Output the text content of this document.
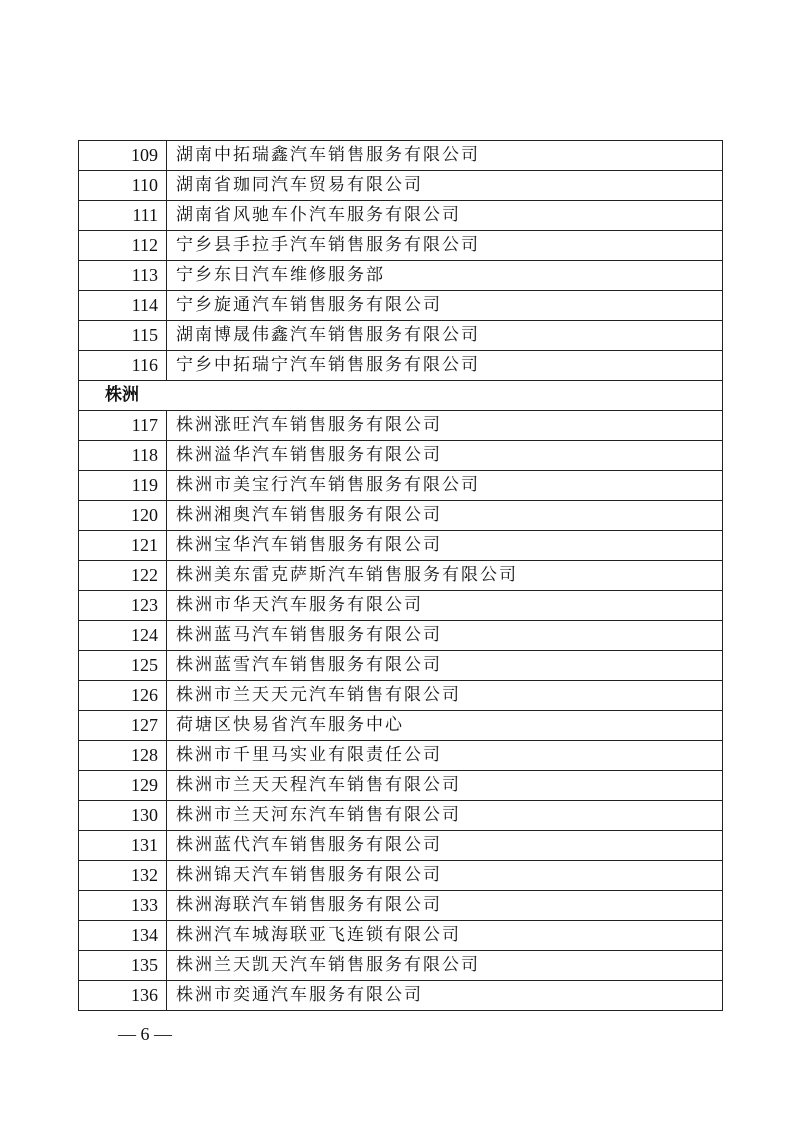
109	湖南中拓瑞鑫汽车销售服务有限公司
110	湖南省珈同汽车贸易有限公司
111	湖南省风驰车仆汽车服务有限公司
112	宁乡县手拉手汽车销售服务有限公司
113	宁乡东日汽车维修服务部
114	宁乡旋通汽车销售服务有限公司
115	湖南博晟伟鑫汽车销售服务有限公司
116	宁乡中拓瑞宁汽车销售服务有限公司
株洲	
117	株洲涨旺汽车销售服务有限公司
118	株洲溢华汽车销售服务有限公司
119	株洲市美宝行汽车销售服务有限公司
120	株洲湘奥汽车销售服务有限公司
121	株洲宝华汽车销售服务有限公司
122	株洲美东雷克萨斯汽车销售服务有限公司
123	株洲市华天汽车服务有限公司
124	株洲蓝马汽车销售服务有限公司
125	株洲蓝雪汽车销售服务有限公司
126	株洲市兰天天元汽车销售有限公司
127	荷塘区快易省汽车服务中心
128	株洲市千里马实业有限责任公司
129	株洲市兰天天程汽车销售有限公司
130	株洲市兰天河东汽车销售有限公司
131	株洲蓝代汽车销售服务有限公司
132	株洲锦天汽车销售服务有限公司
133	株洲海联汽车销售服务有限公司
134	株洲汽车城海联亚飞连锁有限公司
135	株洲兰天凯天汽车销售服务有限公司
136	株洲市奕通汽车服务有限公司
— 6 —
